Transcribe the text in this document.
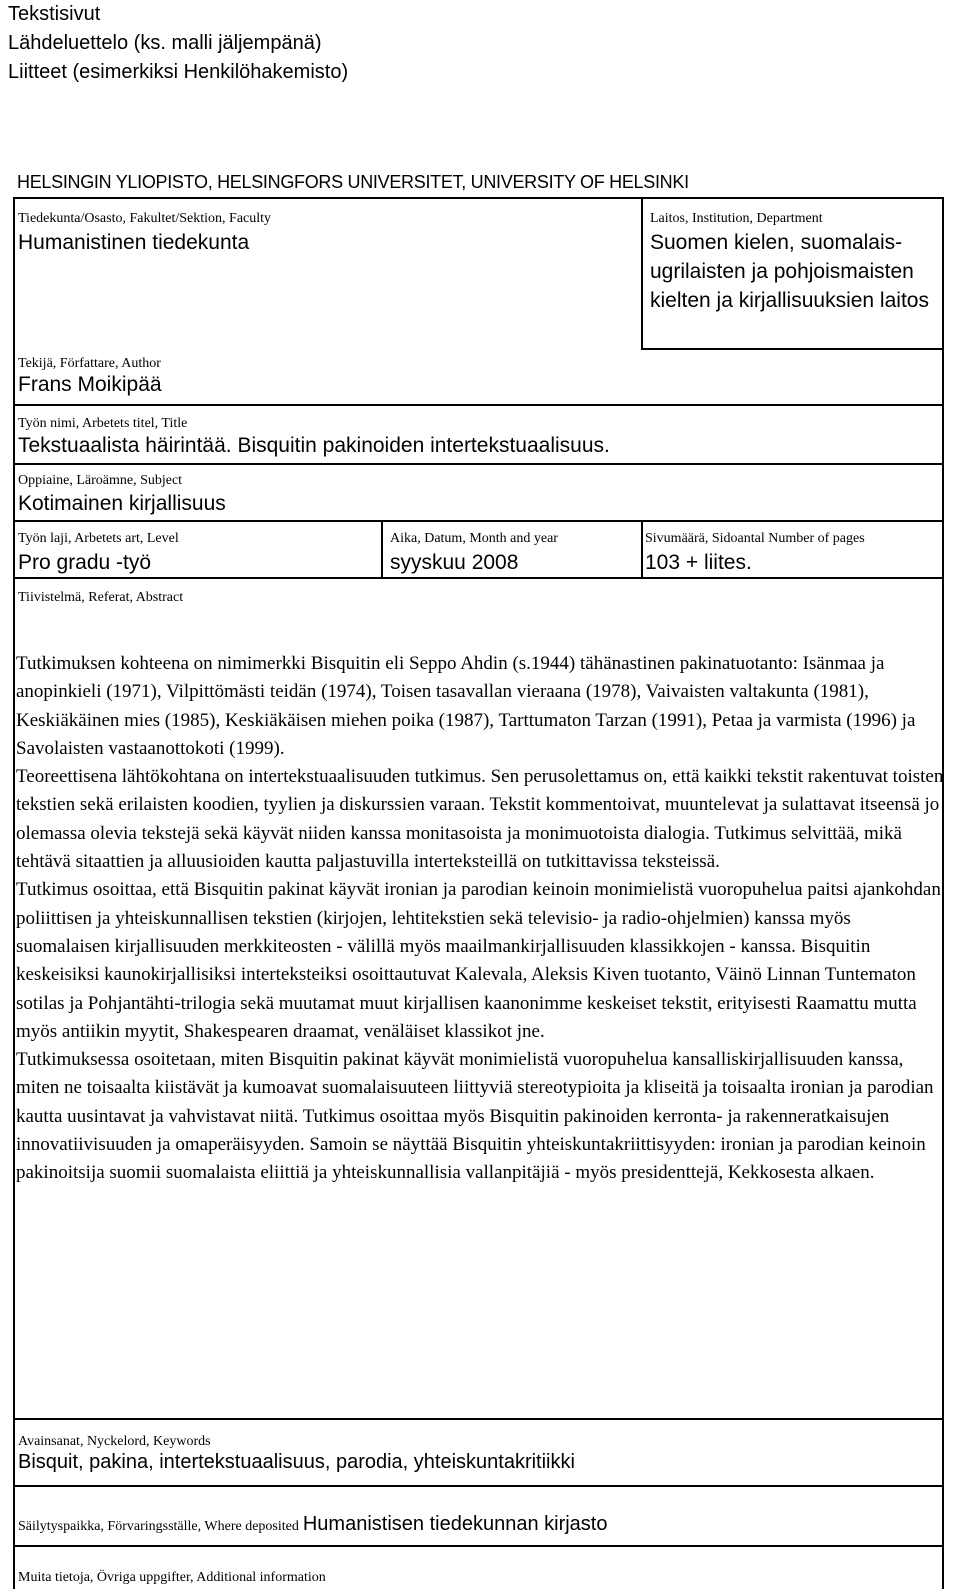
Tekstisivut
Lähdeluettelo (ks. malli jäljempänä)
Liitteet (esimerkiksi Henkilöhakemisto)
HELSINGIN YLIOPISTO, HELSINGFORS UNIVERSITET, UNIVERSITY OF HELSINKI
Tiedekunta/Osasto, Fakultet/Sektion, Faculty
Humanistinen tiedekunta
Laitos, Institution, Department
Suomen kielen, suomalais-ugrilaisten ja pohjoismaisten kielten ja kirjallisuuksien laitos
Tekijä, Författare, Author
Frans Moikipää
Työn nimi, Arbetets titel, Title
Tekstuaalista häirintää. Bisquitin pakinoiden intertekstuaalisuus.
Oppiaine, Läroämne, Subject
Kotimainen kirjallisuus
Työn laji, Arbetets art, Level
Pro gradu -työ
Aika, Datum, Month and year
syyskuu 2008
Sivumäärä, Sidoantal Number of pages
103 + liites.
Tiivistelmä, Referat, Abstract

Tutkimuksen kohteena on nimimerkki Bisquitin eli Seppo Ahdin (s.1944) tähänastinen pakinatuotanto: Isänmaa ja anopinkieli (1971), Vilpittömästi teidän (1974), Toisen tasavallan vieraana (1978), Vaivaisten valtakunta (1981), Keskiäkäinen mies (1985), Keskiäkäisen miehen poika (1987), Tarttumaton Tarzan (1991), Petaa ja varmista (1996) ja Savolaisten vastaanottokoti (1999).

Teoreettisena lähtökohtana on intertekstuaalisuuden tutkimus. Sen perusolettamus on, että kaikki tekstit rakentuvat toisten tekstien sekä erilaisten koodien, tyylien ja diskurssien varaan. Tekstit kommentoivat, muuntelevat ja sulattavat itseensä jo olemassa olevia tekstejä sekä käyvät niiden kanssa monitasoista ja monimuotoista dialogia. Tutkimus selvittää, mikä tehtävä sitaattien ja alluusioiden kautta paljastuvilla interteksteillä on tutkittavissa teksteissä.

Tutkimus osoittaa, että Bisquitin pakinat käyvät ironian ja parodian keinoin monimielistä vuoropuhelua paitsi ajankohdan poliittisen ja yhteiskunnallisen tekstien (kirjojen, lehtitekstien sekä televisio- ja radio-ohjelmien) kanssa myös suomalaisen kirjallisuuden merkkiteosten - välillä myös maailmankirjallisuuden klassikkojen - kanssa. Bisquitin keskeisiksi kaunokirjallisiksi interteksteiksi osoittautuvat Kalevala, Aleksis Kiven tuotanto, Väinö Linnan Tuntematon sotilas ja Pohjantähti-trilogia sekä muutamat muut kirjallisen kaanonimme keskeiset tekstit, erityisesti Raamattu mutta myös antiikin myytit, Shakespearen draamat, venäläiset klassikot jne.

Tutkimuksessa osoitetaan, miten Bisquitin pakinat käyvät monimielistä vuoropuhelua kansalliskirjallisuuden kanssa, miten ne toisaalta kiistävät ja kumoavat suomalaisuuteen liittyviä stereotypioita ja kliseitä ja toisaalta ironian ja parodian kautta uusintavat ja vahvistavat niitä. Tutkimus osoittaa myös Bisquitin pakinoiden kerronta- ja rakenneratkaisujen innovatiivisuuden ja omaperäisyyden. Samoin se näyttää Bisquitin yhteiskuntakriittisyyden: ironian ja parodian keinoin pakinoitsija suomii suomalaista eliittiä ja yhteiskunnallisia vallanpitäjiä - myös presidenttejä, Kekkosesta alkaen.

Avainsanat, Nyckelord, Keywords
Bisquit, pakina, intertekstuaalisuus, parodia, yhteiskuntakritiikki
Säilytyspaikka, Förvaringsställe, Where deposited Humanistisen tiedekunnan kirjasto
Muita tietoja, Övriga uppgifter, Additional information
